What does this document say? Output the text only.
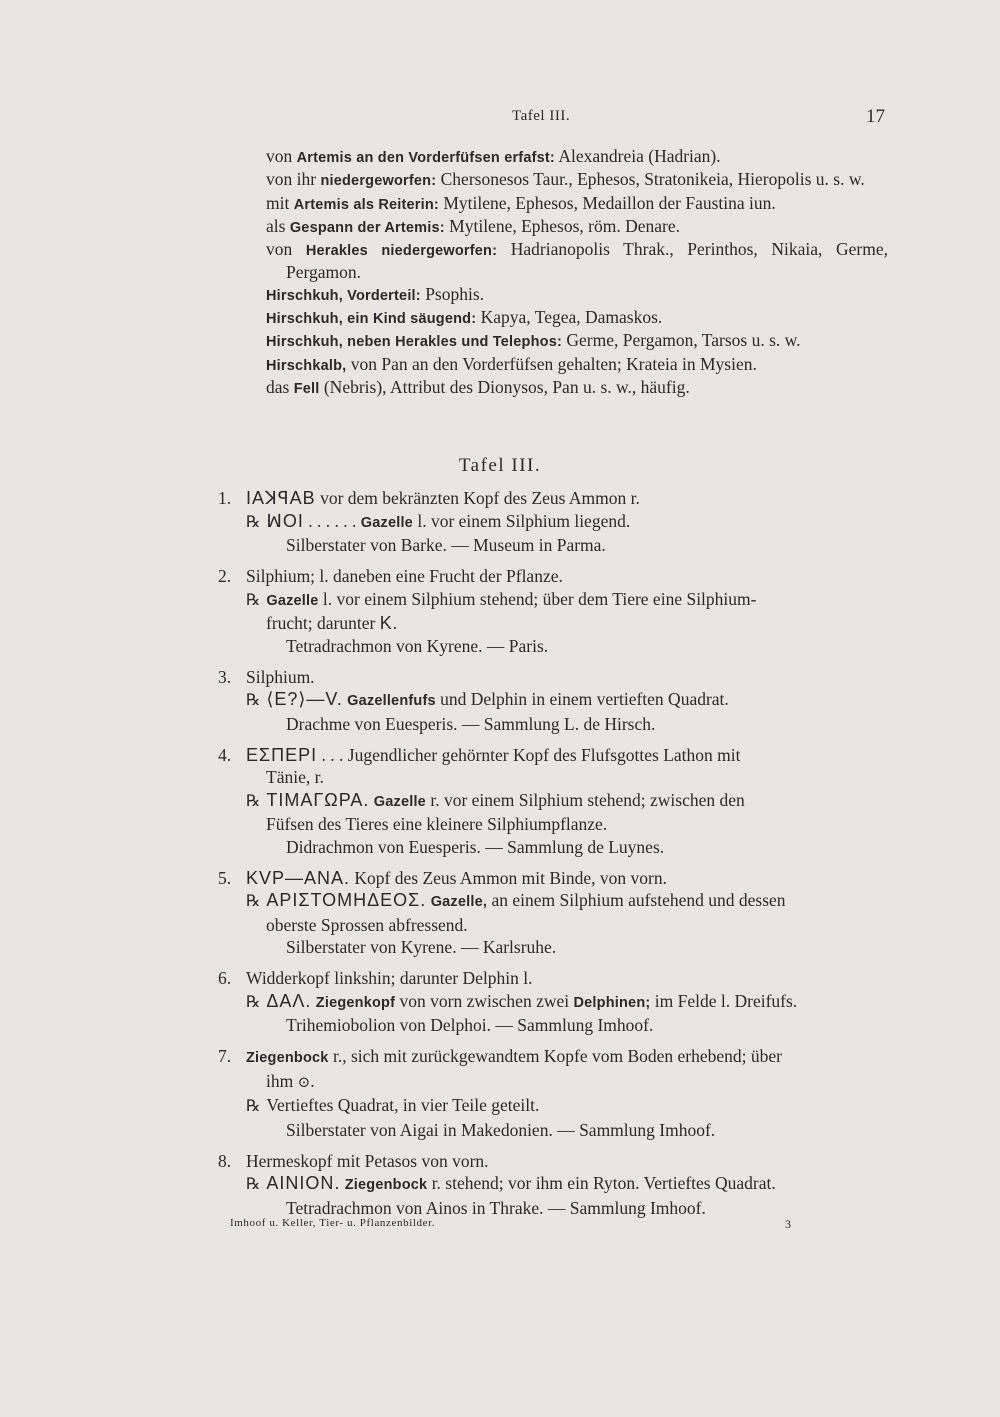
Tafel III.	17

von Artemis an den Vorderfüfsen erfafst: Alexandreia (Hadrian).

von ihr niedergeworfen: Chersonesos Taur., Ephesos, Stratonikeia, Hieropolis u. s. w.

mit Artemis als Reiterin: Mytilene, Ephesos, Medaillon der Faustina iun.

als Gespann der Artemis: Mytilene, Ephesos, röm. Denare.

von Herakles niedergeworfen: Hadrianopolis Thrak., Perinthos, Nikaia, Germe, Pergamon.

Hirschkuh, Vorderteil: Psophis.

Hirschkuh, ein Kind säugend: Kapya, Tegea, Damaskos.

Hirschkuh, neben Herakles und Telephos: Germe, Pergamon, Tarsos u. s. w.

Hirschkalb, von Pan an den Vorderfüfsen gehalten; Krateia in Mysien.

das Fell (Nebris), Attribut des Dionysos, Pan u. s. w., häufig.

Tafel III.
1. IAꓘꟼAB vor dem bekränzten Kopf des Zeus Ammon r.
℞ ꟽOI . . . . . . Gazelle l. vor einem Silphium liegend.
Silberstater von Barke. — Museum in Parma.
2. Silphium; l. daneben eine Frucht der Pflanze.
℞ Gazelle l. vor einem Silphium stehend; über dem Tiere eine Silphium-
frucht; darunter K.
Tetradrachmon von Kyrene. — Paris.
3. Silphium.
℞ ⟨E?⟩—V. Gazellenfufs und Delphin in einem vertieften Quadrat.
Drachme von Euesperis. — Sammlung L. de Hirsch.
4. EΣΠEPI . . . Jugendlicher gehörnter Kopf des Flufsgottes Lathon mit
Tänie, r.
℞ TIMAΓΩPA. Gazelle r. vor einem Silphium stehend; zwischen den
Füfsen des Tieres eine kleinere Silphiumpflanze.
Didrachmon von Euesperis. — Sammlung de Luynes.
5. KVP—ANA. Kopf des Zeus Ammon mit Binde, von vorn.
℞ APIΣTOMHΔEOΣ. Gazelle, an einem Silphium aufstehend und dessen
oberste Sprossen abfressend.
Silberstater von Kyrene. — Karlsruhe.
6. Widderkopf linkshin; darunter Delphin l.
℞ ΔAΛ. Ziegenkopf von vorn zwischen zwei Delphinen; im Felde l. Dreifufs.
Trihemiobolion von Delphoi. — Sammlung Imhoof.
7. Ziegenbock r., sich mit zurückgewandtem Kopfe vom Boden erhebend; über
ihm ⊙.
℞ Vertieftes Quadrat, in vier Teile geteilt.
Silberstater von Aigai in Makedonien. — Sammlung Imhoof.
8. Hermeskopf mit Petasos von vorn.
℞ AINION. Ziegenbock r. stehend; vor ihm ein Ryton. Vertieftes Quadrat.
Tetradrachmon von Ainos in Thrake. — Sammlung Imhoof.
Imhoof u. Keller, Tier- u. Pflanzenbilder.	3
